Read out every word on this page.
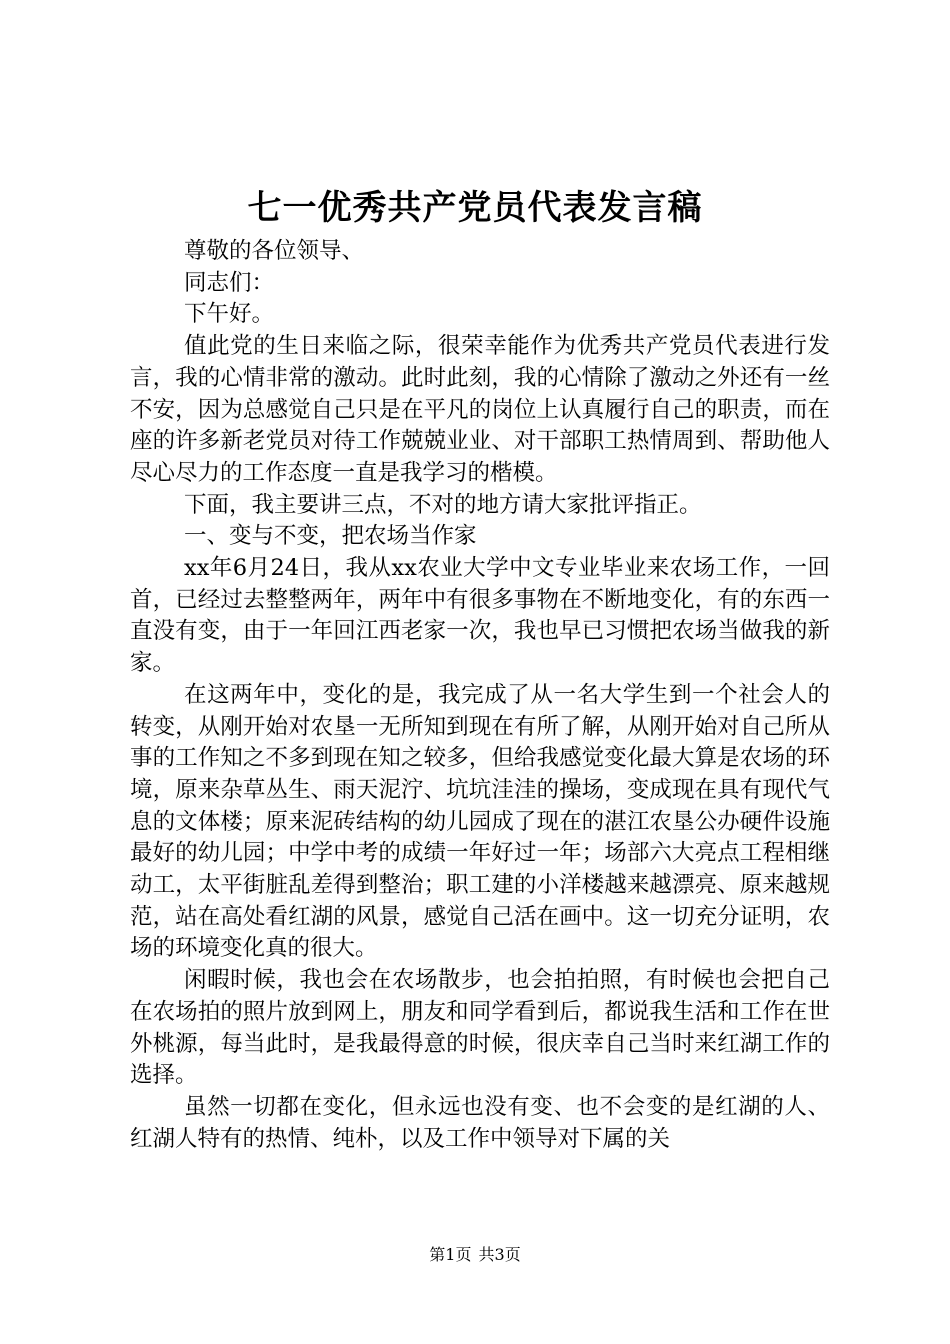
七一优秀共产党员代表发言稿

尊敬的各位领导、

同志们：

下午好。

值此党的生日来临之际，很荣幸能作为优秀共产党员代表进行发言，我的心情非常的激动。此时此刻，我的心情除了激动之外还有一丝不安，因为总感觉自己只是在平凡的岗位上认真履行自己的职责，而在座的许多新老党员对待工作兢兢业业、对干部职工热情周到、帮助他人尽心尽力的工作态度一直是我学习的楷模。

下面，我主要讲三点，不对的地方请大家批评指正。

一、变与不变，把农场当作家

xx年6月24日，我从xx农业大学中文专业毕业来农场工作，一回首，已经过去整整两年，两年中有很多事物在不断地变化，有的东西一直没有变，由于一年回江西老家一次，我也早已习惯把农场当做我的新家。

在这两年中，变化的是，我完成了从一名大学生到一个社会人的转变，从刚开始对农垦一无所知到现在有所了解，从刚开始对自己所从事的工作知之不多到现在知之较多，但给我感觉变化最大算是农场的环境，原来杂草丛生、雨天泥泞、坑坑洼洼的操场，变成现在具有现代气息的文体楼；原来泥砖结构的幼儿园成了现在的湛江农垦公办硬件设施最好的幼儿园；中学中考的成绩一年好过一年；场部六大亮点工程相继动工，太平街脏乱差得到整治；职工建的小洋楼越来越漂亮、原来越规范，站在高处看红湖的风景，感觉自己活在画中。这一切充分证明，农场的环境变化真的很大。

闲暇时候，我也会在农场散步，也会拍拍照，有时候也会把自己在农场拍的照片放到网上，朋友和同学看到后，都说我生活和工作在世外桃源，每当此时，是我最得意的时候，很庆幸自己当时来红湖工作的选择。

虽然一切都在变化，但永远也没有变、也不会变的是红湖的人、红湖人特有的热情、纯朴，以及工作中领导对下属的关

第1页 共3页
